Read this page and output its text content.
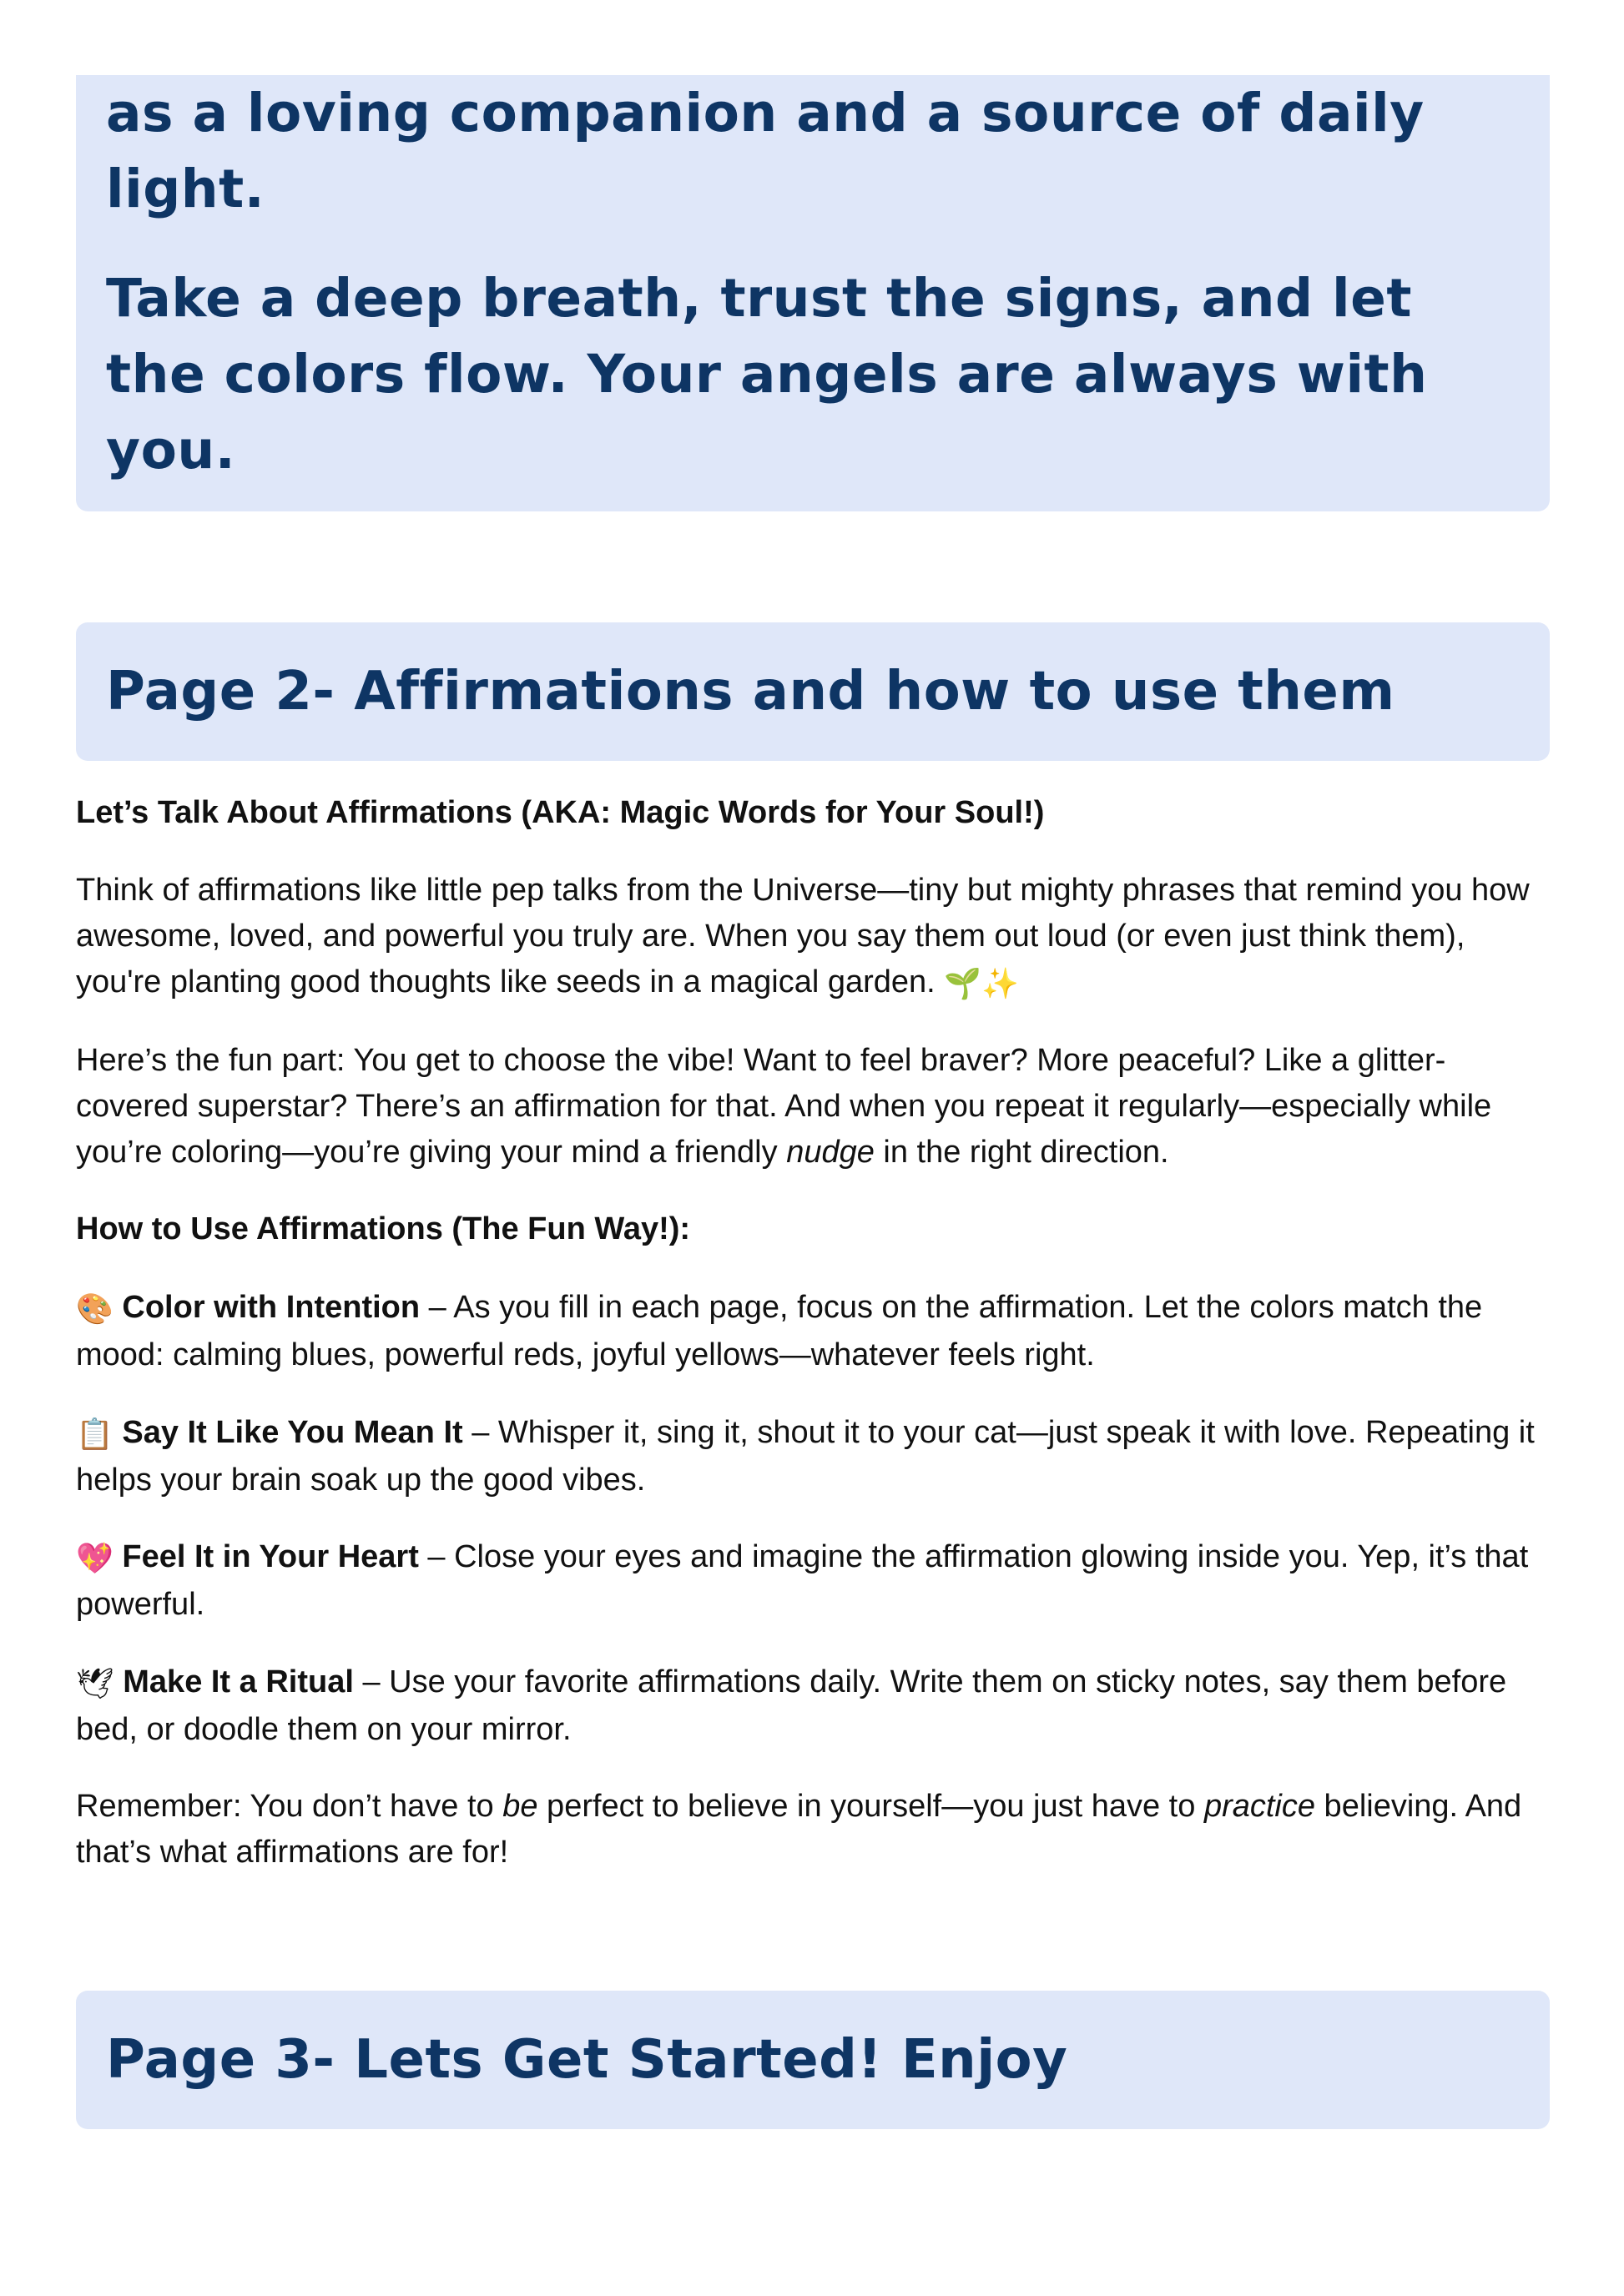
as a loving companion and a source of daily light.

Take a deep breath, trust the signs, and let the colors flow. Your angels are always with you.

Page 2- Affirmations and how to use them

Let’s Talk About Affirmations (AKA: Magic Words for Your Soul!)

Think of affirmations like little pep talks from the Universe—tiny but mighty phrases that remind you how awesome, loved, and powerful you truly are. When you say them out loud (or even just think them), you're planting good thoughts like seeds in a magical garden. 🌱✨

Here’s the fun part: You get to choose the vibe! Want to feel braver? More peaceful? Like a glitter-covered superstar? There’s an affirmation for that. And when you repeat it regularly—especially while you’re coloring—you’re giving your mind a friendly nudge in the right direction.

How to Use Affirmations (The Fun Way!):

🎨 Color with Intention – As you fill in each page, focus on the affirmation. Let the colors match the mood: calming blues, powerful reds, joyful yellows—whatever feels right.

📋 Say It Like You Mean It – Whisper it, sing it, shout it to your cat—just speak it with love. Repeating it helps your brain soak up the good vibes.

💖 Feel It in Your Heart – Close your eyes and imagine the affirmation glowing inside you. Yep, it’s that powerful.

🕊 Make It a Ritual – Use your favorite affirmations daily. Write them on sticky notes, say them before bed, or doodle them on your mirror.

Remember: You don’t have to be perfect to believe in yourself—you just have to practice believing. And that’s what affirmations are for!

Page 3- Lets Get Started! Enjoy
